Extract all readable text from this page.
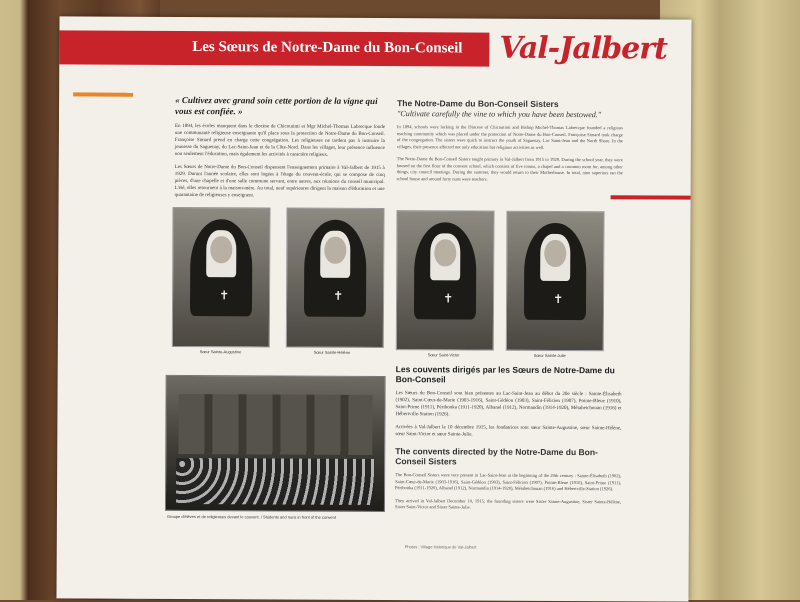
Les Sœurs de Notre-Dame du Bon-Conseil	Val-Jalbert
« Cultivez avec grand soin cette portion de la vigne qui vous est confiée. »
En 1894, les écoles manquent dans le diocèse de Chicoutimi et Mgr Michel-Thomas Labrecque fonde une communauté religieuse enseignante qu'il place sous la protection de Notre-Dame du Bon-Conseil. Françoise Simard prend en charge cette congrégation. Les religieuses ne tardent pas à instruire la jeunesse du Saguenay, du Lac-Saint-Jean et de la Côte-Nord. Dans les villages, leur présence influence non seulement l'éducation, mais également les activités à caractère religieux.
Les Sœurs de Notre-Dame du Bon-Conseil dispensent l'enseignement primaire à Val-Jalbert de 1915 à 1929. Durant l'année scolaire, elles sont logées à l'étage du couvent-école, qui se compose de cinq pièces, d'une chapelle et d'une salle commune servant, entre autres, aux réunions du conseil municipal. L'été, elles retournent à la maison-mère. Au total, neuf supérieures dirigent la maison d'éducation et une quarantaine de religieuses y enseignent.
The Notre-Dame du Bon-Conseil Sisters
"Cultivate carefully the vine to which you have been bestowed."
In 1894, schools were lacking in the Diocese of Chicoutimi and Bishop Michel-Thomas Labrecque founded a religious teaching community which was placed under the protection of Notre-Dame du Bon-Conseil. Françoise Simard took charge of the congregation. The sisters were quick to instruct the youth of Saguenay, Lac Saint-Jean and the North Shore. In the villages, their presence affected not only education but religious activities as well.
The Notre-Dame du Bon-Conseil Sisters taught primary in Val-Jalbert from 1915 to 1929. During the school year, they were housed on the first floor of the convent school, which consists of five rooms, a chapel and a common room for, among other things, city council meetings. During the summer, they would return to their Motherhouse. In total, nine superiors ran the school house and around forty nuns were teachers.
✝
Sœur Sainte-Augustine
✝
Sœur Sainte-Hélène
✝
Sœur Saint-Victor
✝
Sœur Sainte-Julie
Groupe d'élèves et de religieuses devant le couvent. / Students and nuns in front of the convent
Les couvents dirigés par les Sœurs de Notre-Dame du Bon-Conseil
Les Sœurs du Bon-Conseil sont bien présentes au Lac-Saint-Jean au début du 20e siècle : Sainte-Élisabeth (1902), Saint-Cœur-de-Marie (1903-1916), Saint-Gédéon (1903), Saint-Félicien (1907), Pointe-Bleue (1910), Saint-Prime (1911), Péribonka (1911-1920), Albanel (1912), Normandin (1914-1920), Métabetchouan (1916) et Hébertville-Station (1926).
Arrivées à Val-Jalbert le 10 décembre 1915, les fondatrices sont sœur Sainte-Augustine, sœur Sainte-Hélène, sœur Saint-Victor et sœur Sainte-Julie.
The convents directed by the Notre-Dame du Bon-Conseil Sisters
The Bon-Conseil Sisters were very present in Lac-Saint-Jean at the beginning of the 20th century : Sainte-Élisabeth (1902), Saint-Cœur-de-Marie (1903-1916), Saint-Gédéon (1903), Saint-Félicien (1907), Pointe-Bleue (1910), Saint-Prime (1911), Péribonka (1911-1920), Albanel (1912), Normandin (1914-1920), Métabetchouan (1916) and Hébertville-Station (1926).
They arrived in Val-Jalbert December 10, 1915; the founding sisters were Sister Sainte-Augustine, Sister Sainte-Hélène, Sister Saint-Victor and Sister Sainte-Julie.
Photos : Village historique de Val-Jalbert
